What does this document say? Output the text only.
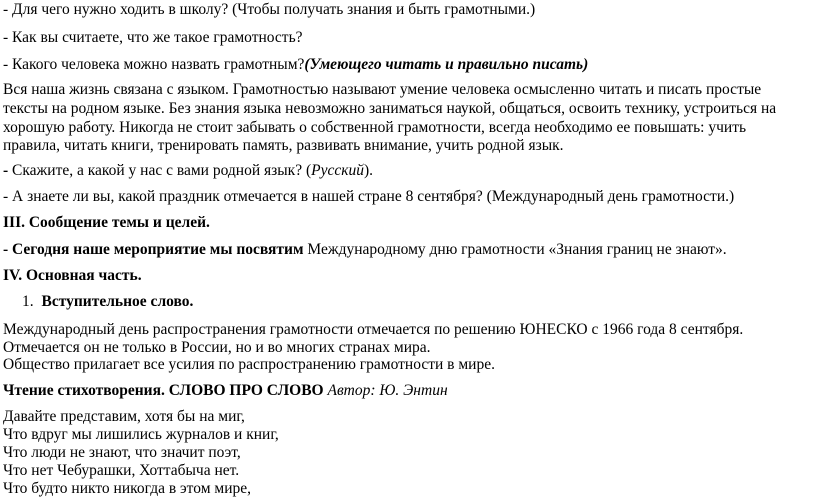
- Для чего нужно ходить в школу? (Чтобы получать знания и быть грамотными.)
- Как вы считаете, что же такое грамотность?
- Какого человека можно назвать грамотным?(Умеющего читать и правильно писать)
Вся наша жизнь связана с языком. Грамотностью называют умение человека осмысленно читать и писать простые
тексты на родном языке. Без знания языка невозможно заниматься наукой, общаться, освоить технику, устроиться на
хорошую работу. Никогда не стоит забывать о собственной грамотности, всегда необходимо ее повышать: учить
правила, читать книги, тренировать память, развивать внимание, учить родной язык.
- Скажите, а какой у нас с вами родной язык? (Русский).
- А знаете ли вы, какой праздник отмечается в нашей стране 8 сентября? (Международный день грамотности.)
III. Сообщение темы и целей.
- Сегодня наше мероприятие мы посвятим Международному дню грамотности «Знания границ не знают».
IV. Основная часть.
1. Вступительное слово.
Международный день распространения грамотности отмечается по решению ЮНЕСКО с 1966 года 8 сентября.
Отмечается он не только в России, но и во многих странах мира.
Общество прилагает все усилия по распространению грамотности в мире.
Чтение стихотворения. СЛОВО ПРО СЛОВО Автор: Ю. Энтин
Давайте представим, хотя бы на миг,
Что вдруг мы лишились журналов и книг,
Что люди не знают, что значит поэт,
Что нет Чебурашки, Хоттабыча нет.
Что будто никто никогда в этом мире,
